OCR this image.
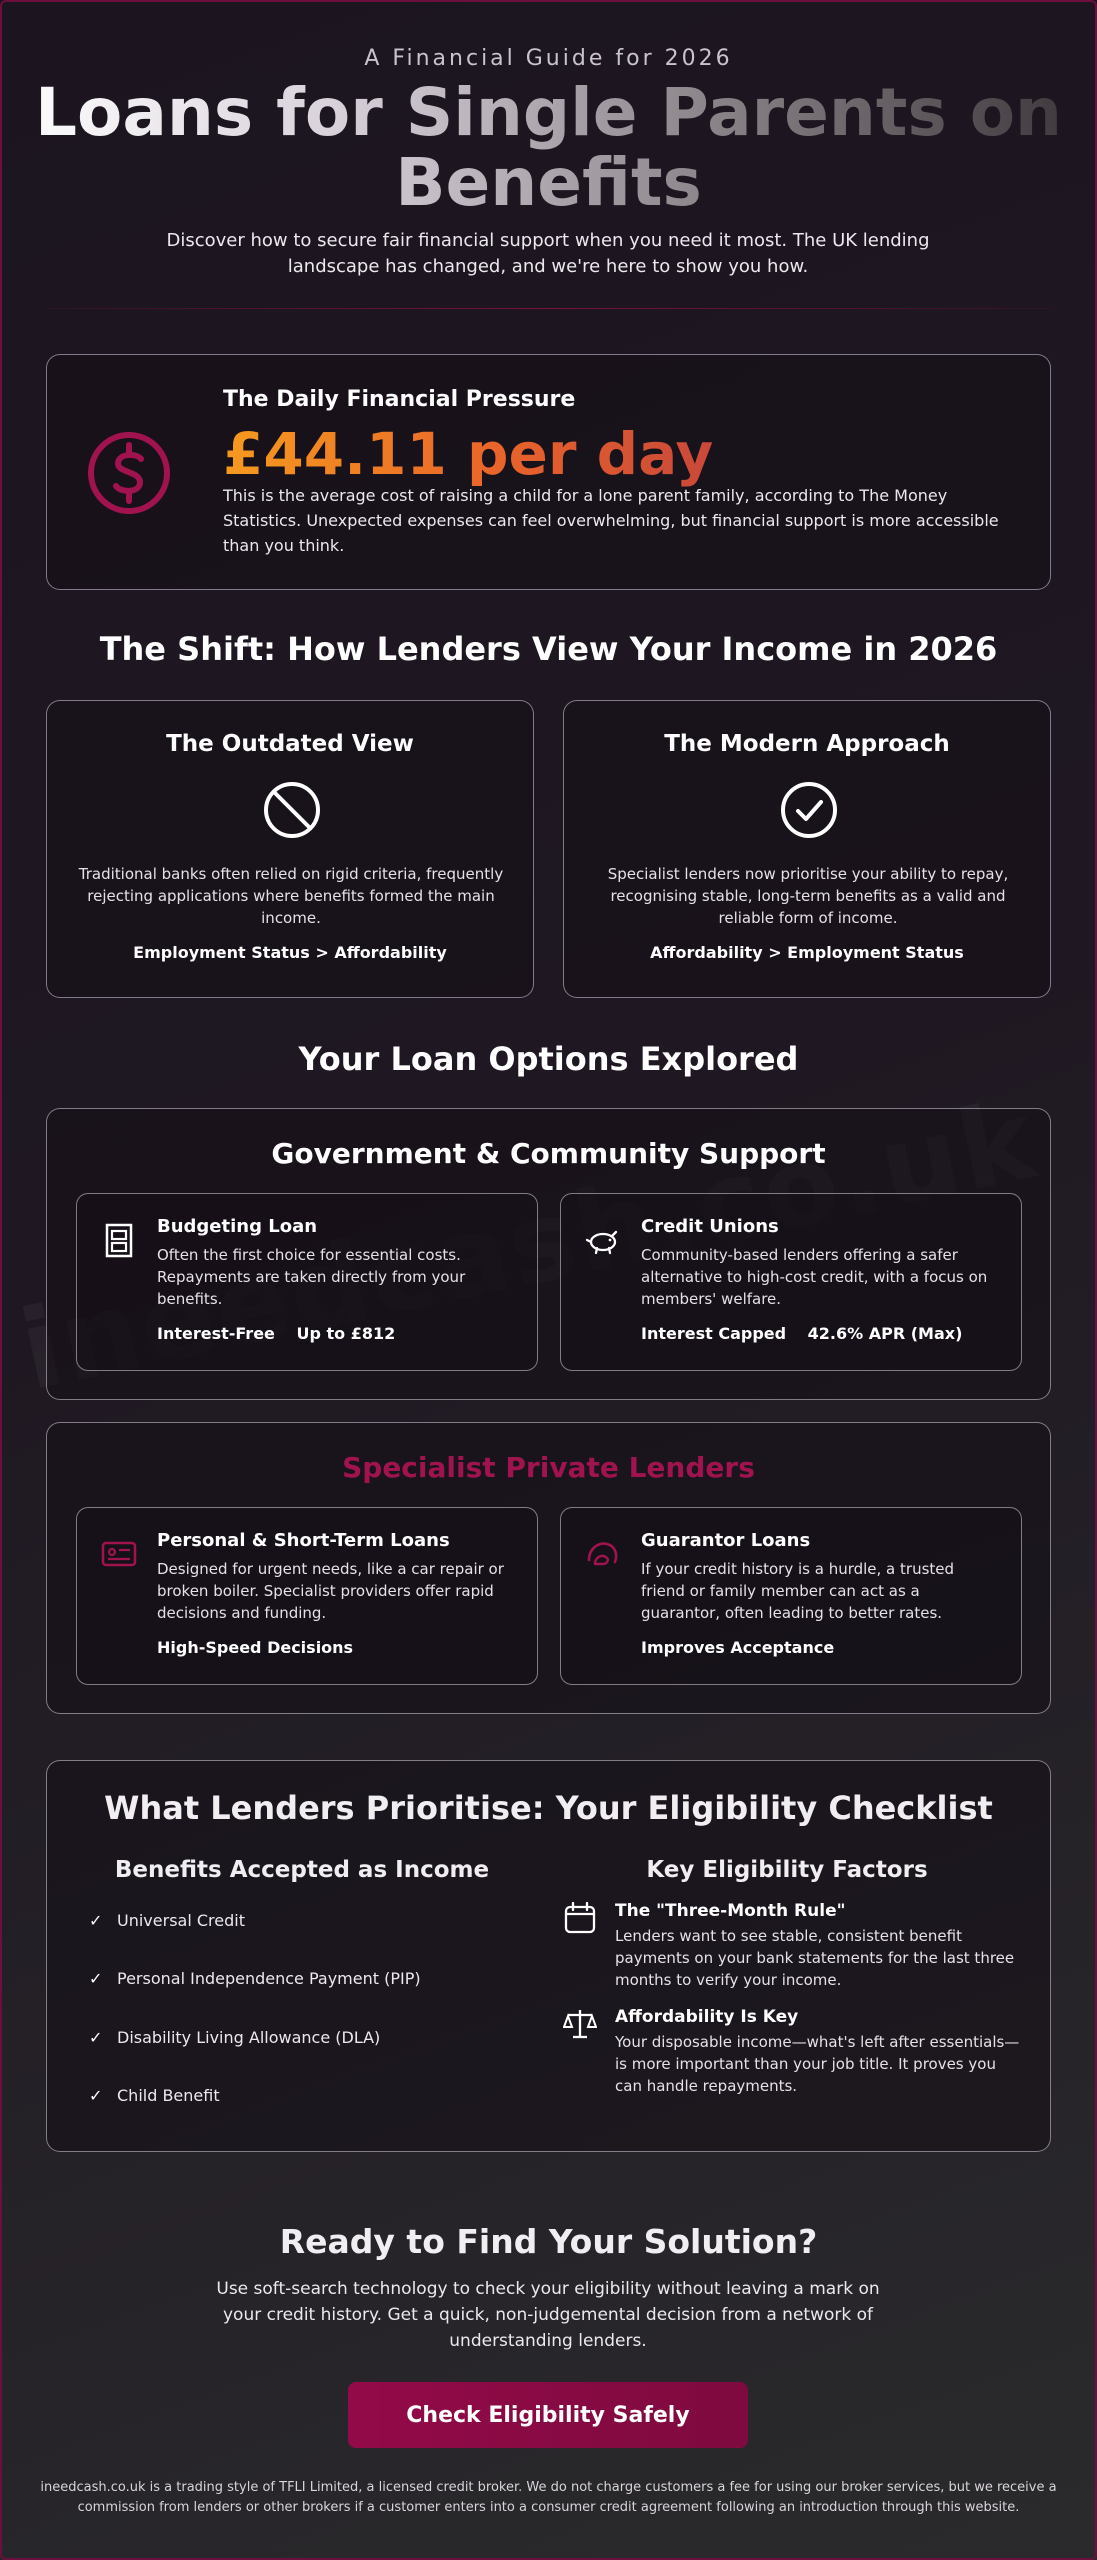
A Financial Guide for 2026
Loans for Single Parents on
Benefits

Discover how to secure fair financial support when you need it most. The UK lending landscape has changed, and we're here to show you how.

The Daily Financial Pressure
£44.11 per day

This is the average cost of raising a child for a lone parent family, according to The Money Statistics. Unexpected expenses can feel overwhelming, but financial support is more accessible than you think.

The Shift: How Lenders View Your Income in 2026
The Outdated View

Traditional banks often relied on rigid criteria, frequently rejecting applications where benefits formed the main income.

Employment Status > Affordability
The Modern Approach

Specialist lenders now prioritise your ability to repay, recognising stable, long-term benefits as a valid and reliable form of income.

Affordability > Employment Status
Your Loan Options Explored
Government & Community Support
Budgeting Loan

Often the first choice for essential costs. Repayments are taken directly from your benefits.

Interest-Free Up to £812
Credit Unions

Community-based lenders offering a safer alternative to high-cost credit, with a focus on members' welfare.

Interest Capped 42.6% APR (Max)
Specialist Private Lenders
Personal & Short-Term Loans

Designed for urgent needs, like a car repair or broken boiler. Specialist providers offer rapid decisions and funding.

High-Speed Decisions
Guarantor Loans

If your credit history is a hurdle, a trusted friend or family member can act as a guarantor, often leading to better rates.

Improves Acceptance
What Lenders Prioritise: Your Eligibility Checklist
Benefits Accepted as Income	Key Eligibility Factors
✓ Universal Credit
✓ Personal Independence Payment (PIP)
✓ Disability Living Allowance (DLA)
✓ Child Benefit
The "Three-Month Rule"

Lenders want to see stable, consistent benefit payments on your bank statements for the last three months to verify your income.

Affordability Is Key

Your disposable income—what's left after essentials—is more important than your job title. It proves you can handle repayments.

Ready to Find Your Solution?

Use soft-search technology to check your eligibility without leaving a mark on your credit history. Get a quick, non-judgemental decision from a network of understanding lenders.

Check Eligibility Safely

ineedcash.co.uk is a trading style of TFLI Limited, a licensed credit broker. We do not charge customers a fee for using our broker services, but we receive a commission from lenders or other brokers if a customer enters into a consumer credit agreement following an introduction through this website.
